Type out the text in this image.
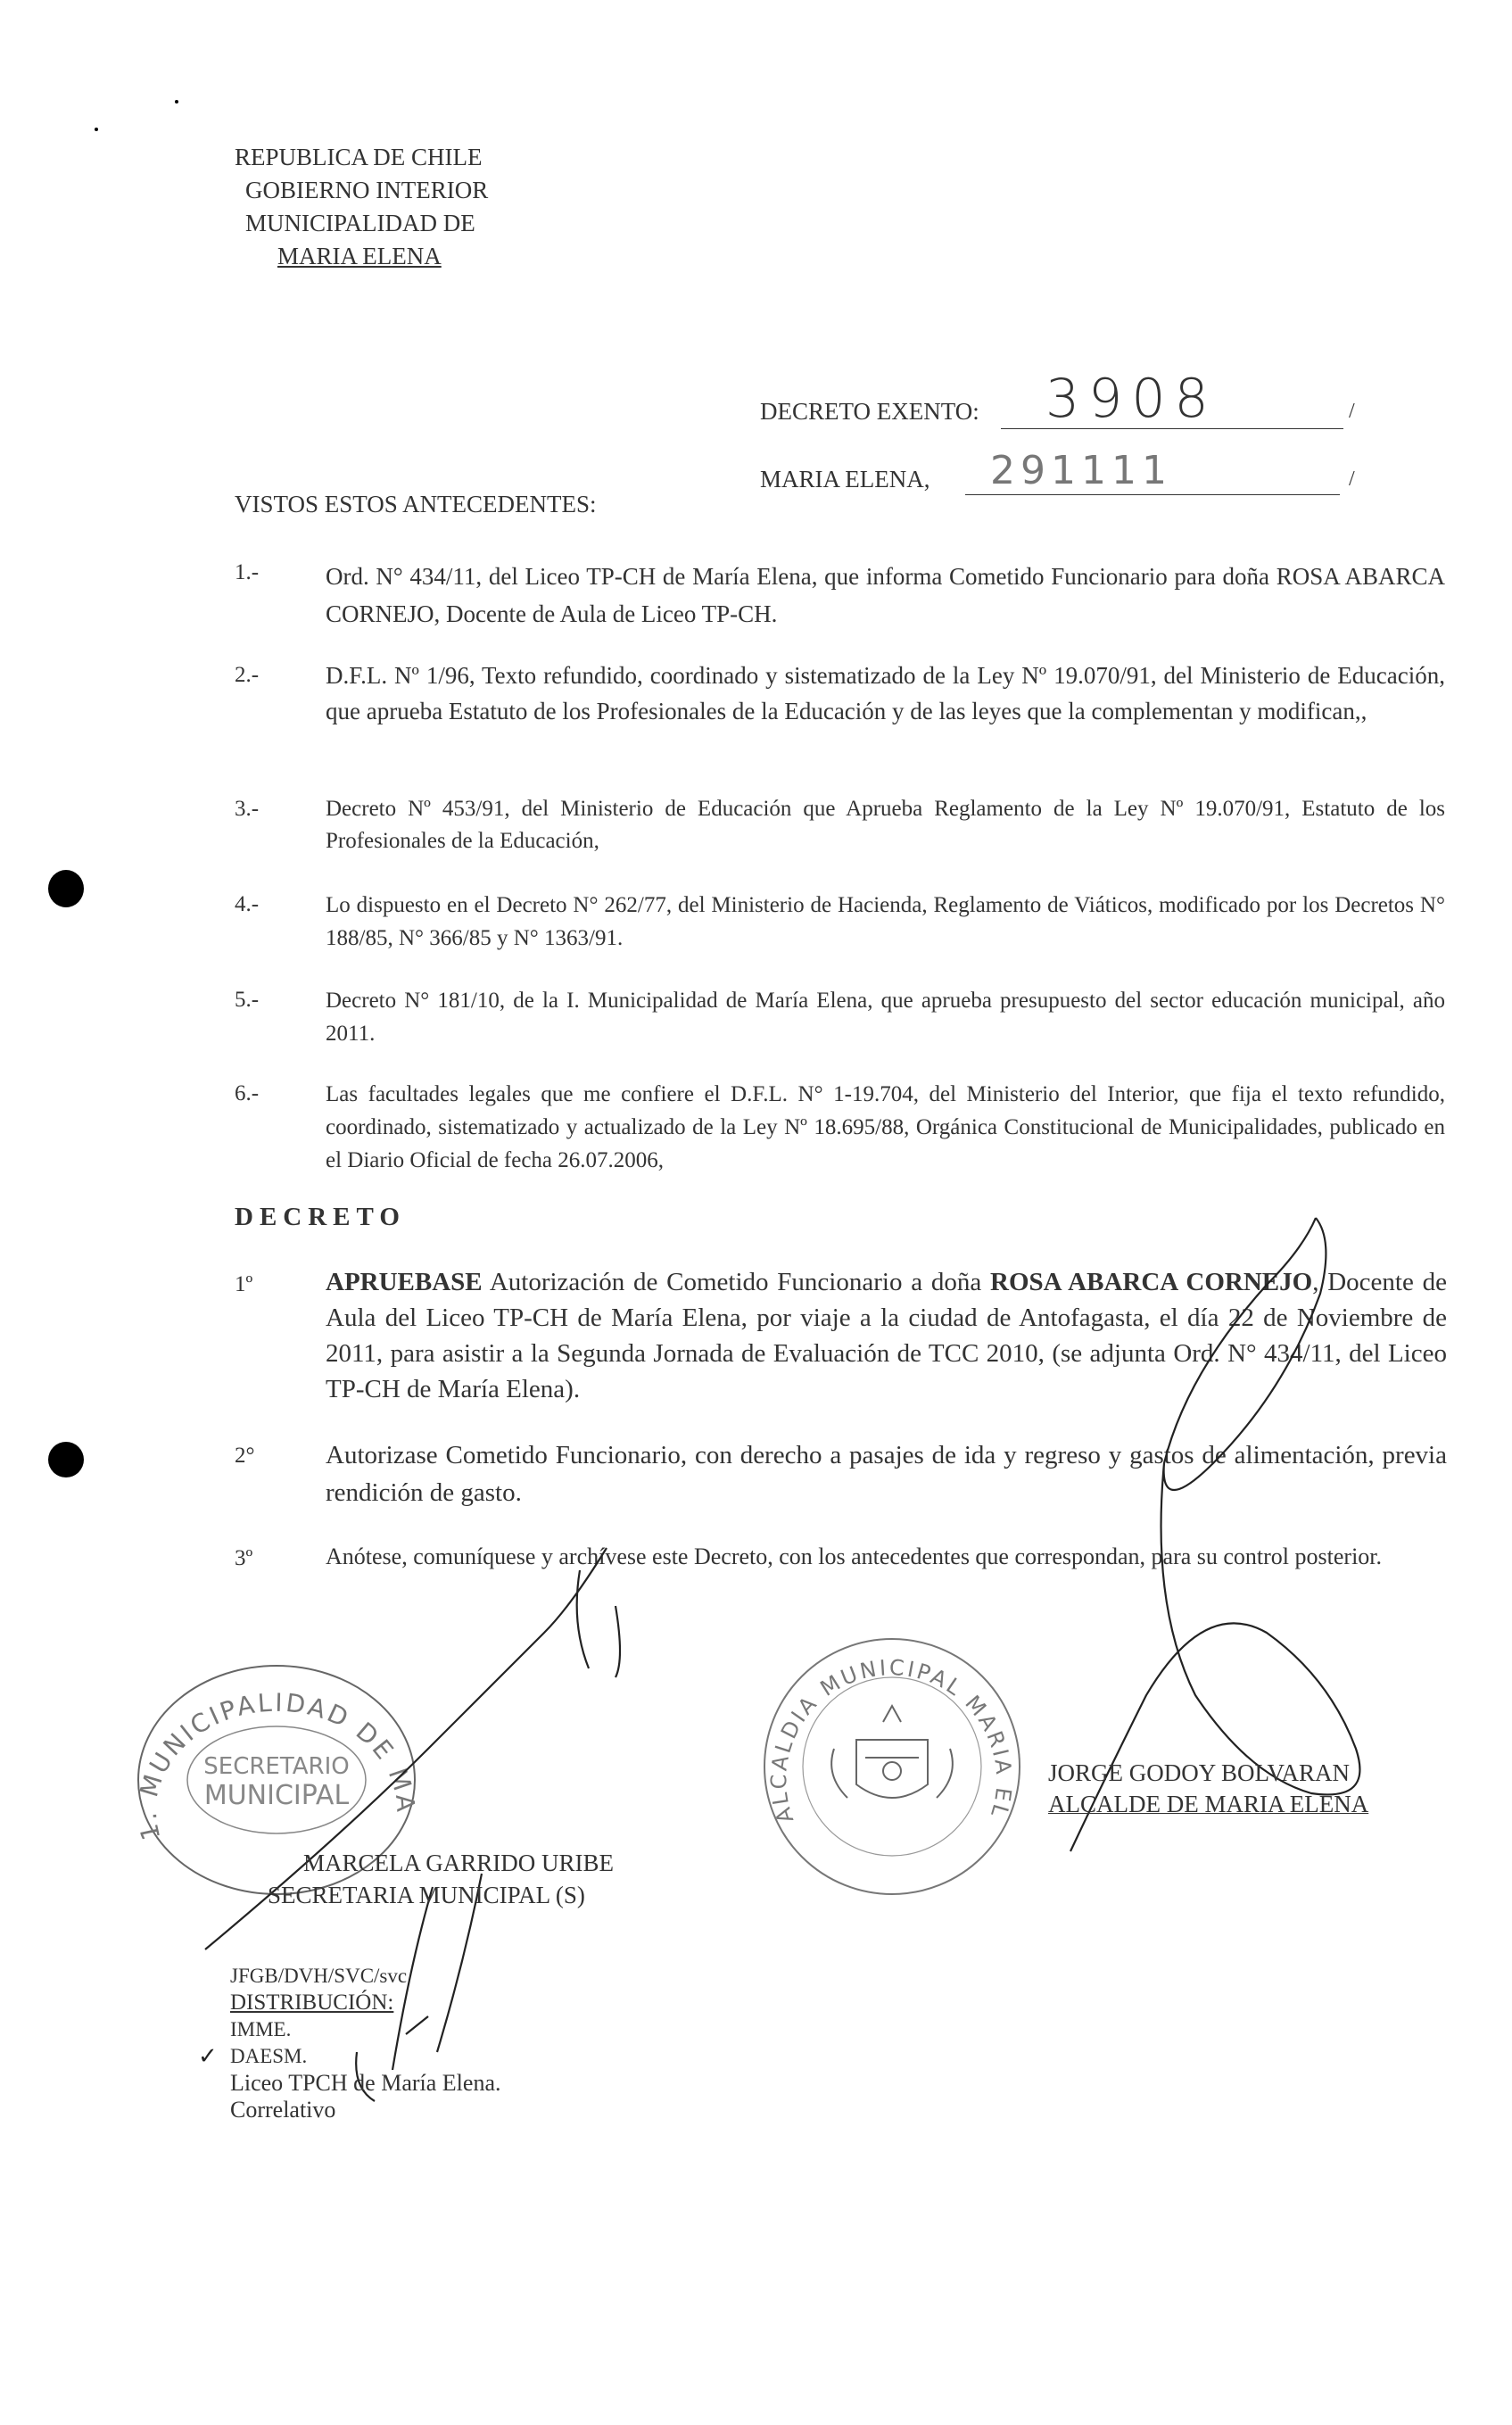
REPUBLICA DE CHILE
GOBIERNO INTERIOR
MUNICIPALIDAD DE
MARIA ELENA
DECRETO EXENTO: 3908	/
MARIA ELENA, 291111	/
VISTOS ESTOS ANTECEDENTES:
1.-	Ord. N° 434/11, del Liceo TP-CH de María Elena, que informa Cometido Funcionario para doña ROSA ABARCA CORNEJO, Docente de Aula de Liceo TP-CH.
2.-	D.F.L. Nº 1/96, Texto refundido, coordinado y sistematizado de la Ley Nº 19.070/91, del Ministerio de Educación, que aprueba Estatuto de los Profesionales de la Educación y de las leyes que la complementan y modifican,,
3.-	Decreto Nº 453/91, del Ministerio de Educación que Aprueba Reglamento de la Ley Nº 19.070/91, Estatuto de los Profesionales de la Educación,
4.-	Lo dispuesto en el Decreto N° 262/77, del Ministerio de Hacienda, Reglamento de Viáticos, modificado por los Decretos N° 188/85, N° 366/85 y N° 1363/91.
5.-	Decreto N° 181/10, de la I. Municipalidad de María Elena, que aprueba presupuesto del sector educación municipal, año 2011.
6.-	Las facultades legales que me confiere el D.F.L. N° 1-19.704, del Ministerio del Interior, que fija el texto refundido, coordinado, sistematizado y actualizado de la Ley Nº 18.695/88, Orgánica Constitucional de Municipalidades, publicado en el Diario Oficial de fecha 26.07.2006,
DECRETO
1º	APRUEBASE Autorización de Cometido Funcionario a doña ROSA ABARCA CORNEJO, Docente de Aula del Liceo TP-CH de María Elena, por viaje a la ciudad de Antofagasta, el día 22 de Noviembre de 2011, para asistir a la Segunda Jornada de Evaluación de TCC 2010, (se adjunta Ord. N° 434/11, del Liceo TP-CH de María Elena).
2°	Autorizase Cometido Funcionario, con derecho a pasajes de ida y regreso y gastos de alimentación, previa rendición de gasto.
3º	Anótese, comuníquese y archívese este Decreto, con los antecedentes que correspondan, para su control posterior.
1. MUNICIPALIDAD DE MA
SECRETARIO
MUNICIPAL
ALCALDIA MUNICIPAL MARIA EL
MARCELA GARRIDO URIBE
SECRETARIA MUNICIPAL (S)
JORGE GODOY BOLVARAN
ALCALDE DE MARIA ELENA
JFGB/DVH/SVC/svc
DISTRIBUCIÓN:
IMME.
DAESM.
Liceo TPCH de María Elena.
Correlativo
✓
